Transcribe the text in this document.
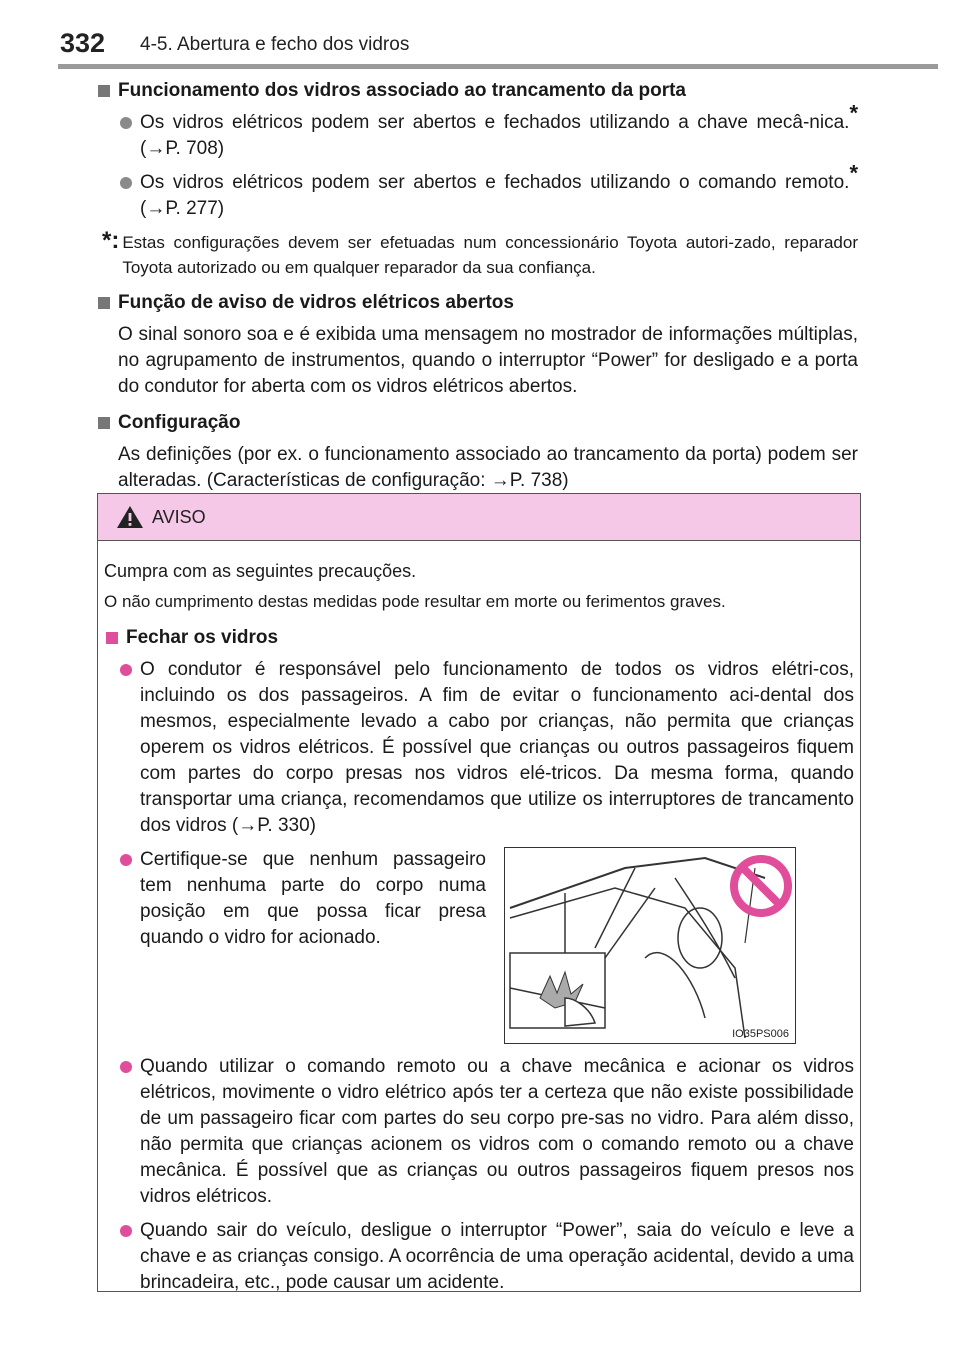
332 4-5. Abertura e fecho dos vidros
Funcionamento dos vidros associado ao trancamento da porta
Os vidros elétricos podem ser abertos e fechados utilizando a chave mecâ-nica.* (→P. 708)
Os vidros elétricos podem ser abertos e fechados utilizando o comando remoto.* (→P. 277)
*: Estas configurações devem ser efetuadas num concessionário Toyota autori-zado, reparador Toyota autorizado ou em qualquer reparador da sua confiança.
Função de aviso de vidros elétricos abertos
O sinal sonoro soa e é exibida uma mensagem no mostrador de informações múltiplas, no agrupamento de instrumentos, quando o interruptor “Power” for desligado e a porta do condutor for aberta com os vidros elétricos abertos.
Configuração
As definições (por ex. o funcionamento associado ao trancamento da porta) podem ser alteradas. (Características de configuração: →P. 738)
AVISO
Cumpra com as seguintes precauções.
O não cumprimento destas medidas pode resultar em morte ou ferimentos graves.
Fechar os vidros
O condutor é responsável pelo funcionamento de todos os vidros elétri-cos, incluindo os dos passageiros. A fim de evitar o funcionamento aci-dental dos mesmos, especialmente levado a cabo por crianças, não permita que crianças operem os vidros elétricos. É possível que crianças ou outros passageiros fiquem com partes do corpo presas nos vidros elé-tricos. Da mesma forma, quando transportar uma criança, recomendamos que utilize os interruptores de trancamento dos vidros (→P. 330)
Certifique-se que nenhum passageiro tem nenhuma parte do corpo numa posição em que possa ficar presa quando o vidro for acionado.
IO35PS006
Quando utilizar o comando remoto ou a chave mecânica e acionar os vidros elétricos, movimente o vidro elétrico após ter a certeza que não existe possibilidade de um passageiro ficar com partes do seu corpo pre-sas no vidro. Para além disso, não permita que crianças acionem os vidros com o comando remoto ou a chave mecânica. É possível que as crianças ou outros passageiros fiquem presos nos vidros elétricos.
Quando sair do veículo, desligue o interruptor “Power”, saia do veículo e leve a chave e as crianças consigo. A ocorrência de uma operação acidental, devido a uma brincadeira, etc., pode causar um acidente.
